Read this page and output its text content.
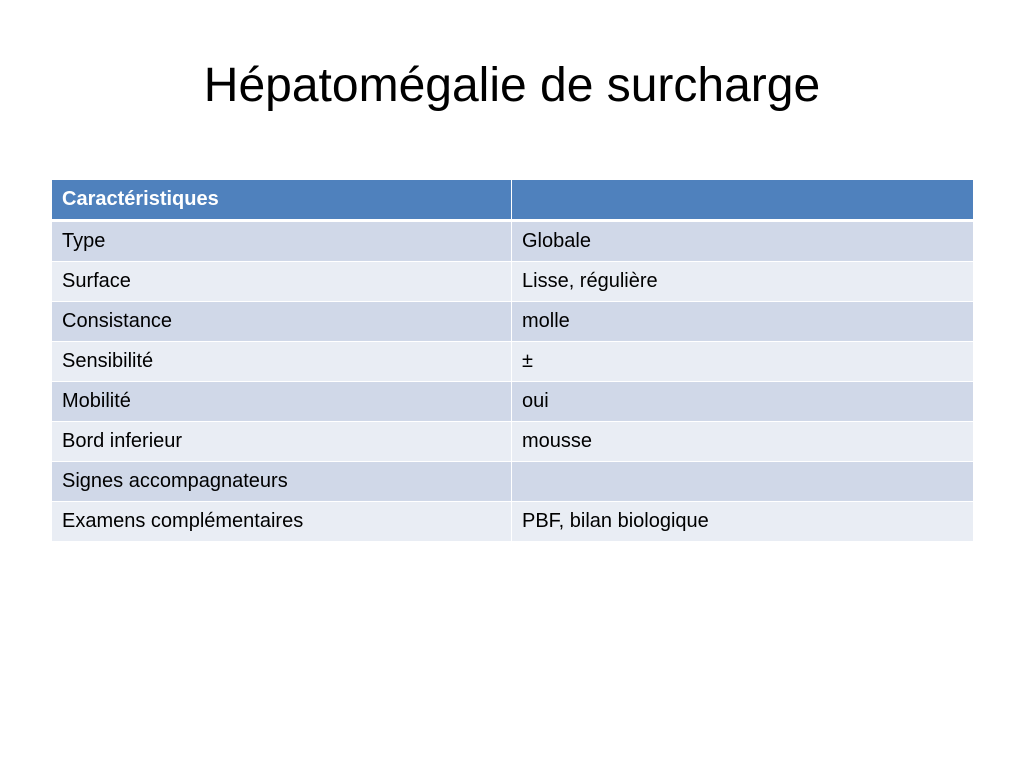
Hépatomégalie de surcharge
Caractéristiques	
Type	Globale
Surface	Lisse, régulière
Consistance	molle
Sensibilité	±
Mobilité	oui
Bord inferieur	mousse
Signes accompagnateurs	
Examens complémentaires	PBF, bilan biologique
